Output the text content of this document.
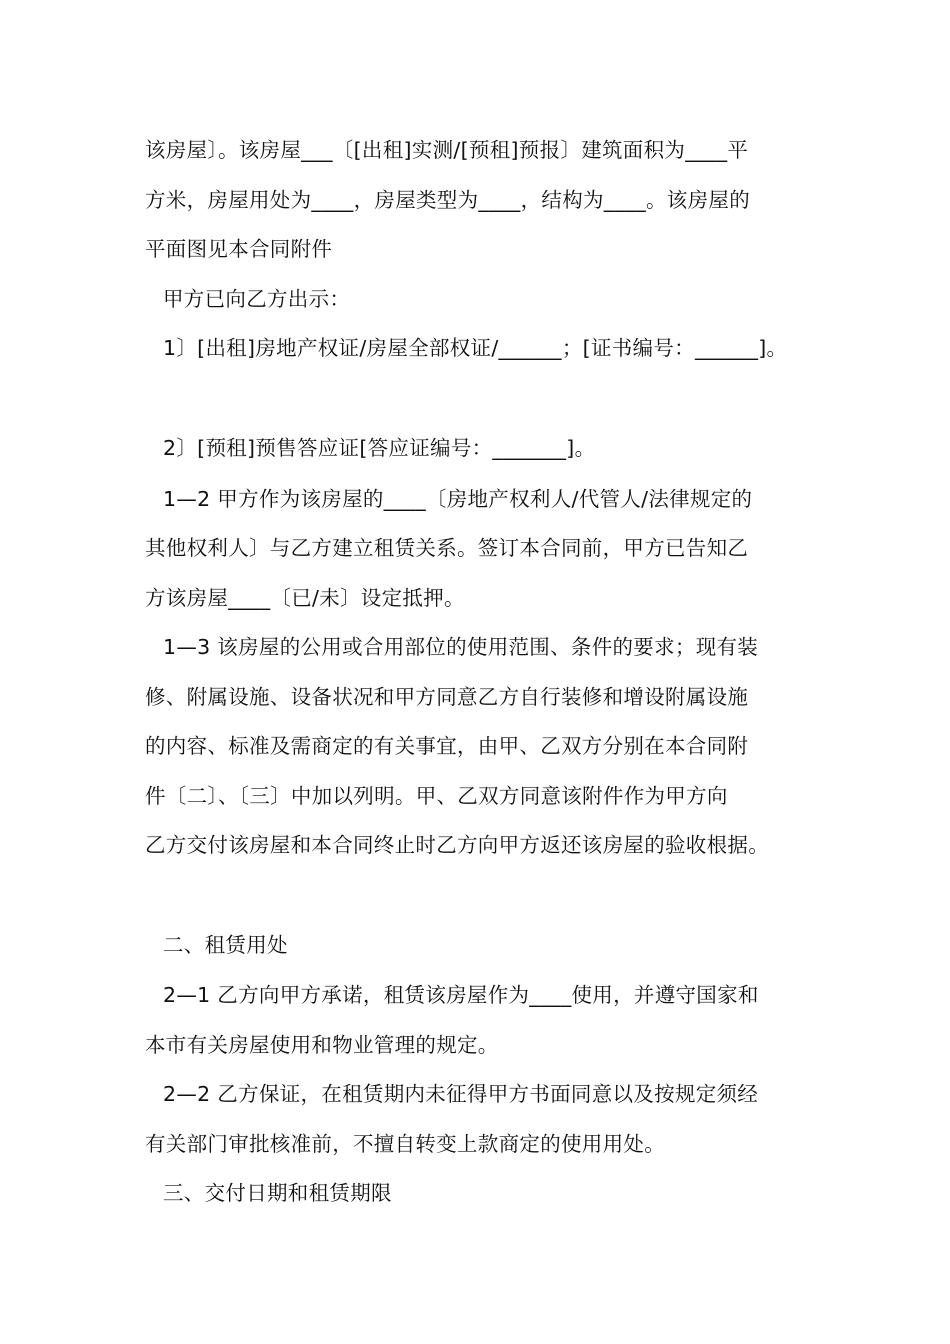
该房屋〕。该房屋___〔[出租]实测/[预租]预报〕建筑面积为____平
方米，房屋用处为____，房屋类型为____，结构为____。该房屋的
平面图见本合同附件
甲方已向乙方出示：
1〕[出租]房地产权证/房屋全部权证/______；[证书编号：______]。
2〕[预租]预售答应证[答应证编号：_______]。
1—2 甲方作为该房屋的____〔房地产权利人/代管人/法律规定的
其他权利人〕与乙方建立租赁关系。签订本合同前，甲方已告知乙
方该房屋____〔已/未〕设定抵押。
1—3 该房屋的公用或合用部位的使用范围、条件的要求；现有装
修、附属设施、设备状况和甲方同意乙方自行装修和增设附属设施
的内容、标准及需商定的有关事宜，由甲、乙双方分别在本合同附
件〔二〕、〔三〕中加以列明。甲、乙双方同意该附件作为甲方向
乙方交付该房屋和本合同终止时乙方向甲方返还该房屋的验收根据。
二、租赁用处
2—1 乙方向甲方承诺，租赁该房屋作为____使用，并遵守国家和
本市有关房屋使用和物业管理的规定。
2—2 乙方保证，在租赁期内未征得甲方书面同意以及按规定须经
有关部门审批核准前，不擅自转变上款商定的使用用处。
三、交付日期和租赁期限
